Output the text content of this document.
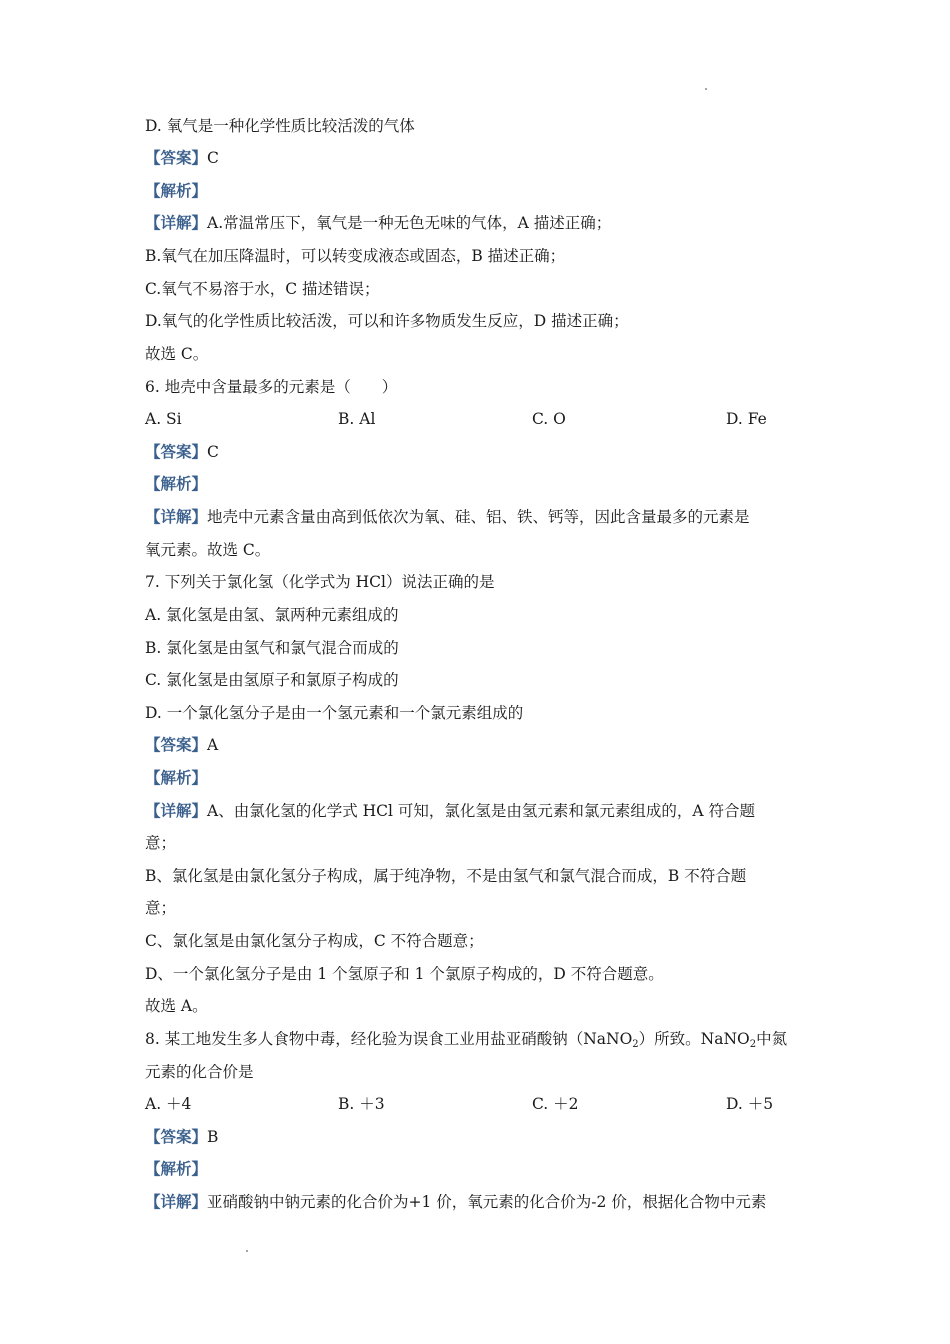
D. 氧气是一种化学性质比较活泼的气体
【答案】C
【解析】
【详解】A.常温常压下，氧气是一种无色无味的气体，A 描述正确；
B.氧气在加压降温时，可以转变成液态或固态，B 描述正确；
C.氧气不易溶于水，C 描述错误；
D.氧气的化学性质比较活泼，可以和许多物质发生反应，D 描述正确；
故选 C。
6. 地壳中含量最多的元素是（　　）
A. Si	B. Al	C. O	D. Fe
【答案】C
【解析】
【详解】地壳中元素含量由高到低依次为氧、硅、铝、铁、钙等，因此含量最多的元素是
氧元素。故选 C。
7. 下列关于氯化氢（化学式为 HCl）说法正确的是
A. 氯化氢是由氢、氯两种元素组成的
B. 氯化氢是由氢气和氯气混合而成的
C. 氯化氢是由氢原子和氯原子构成的
D. 一个氯化氢分子是由一个氢元素和一个氯元素组成的
【答案】A
【解析】
【详解】A、由氯化氢的化学式 HCl 可知，氯化氢是由氢元素和氯元素组成的，A 符合题
意；
B、氯化氢是由氯化氢分子构成，属于纯净物，不是由氢气和氯气混合而成，B 不符合题
意；
C、氯化氢是由氯化氢分子构成，C 不符合题意；
D、一个氯化氢分子是由 1 个氢原子和 1 个氯原子构成的，D 不符合题意。
故选 A。
8. 某工地发生多人食物中毒，经化验为误食工业用盐亚硝酸钠（NaNO$_2$）所致。NaNO$_2$中氮
元素的化合价是
A. ＋4	B. ＋3	C. ＋2	D. ＋5
【答案】B
【解析】
【详解】亚硝酸钠中钠元素的化合价为+1 价，氧元素的化合价为-2 价，根据化合物中元素
